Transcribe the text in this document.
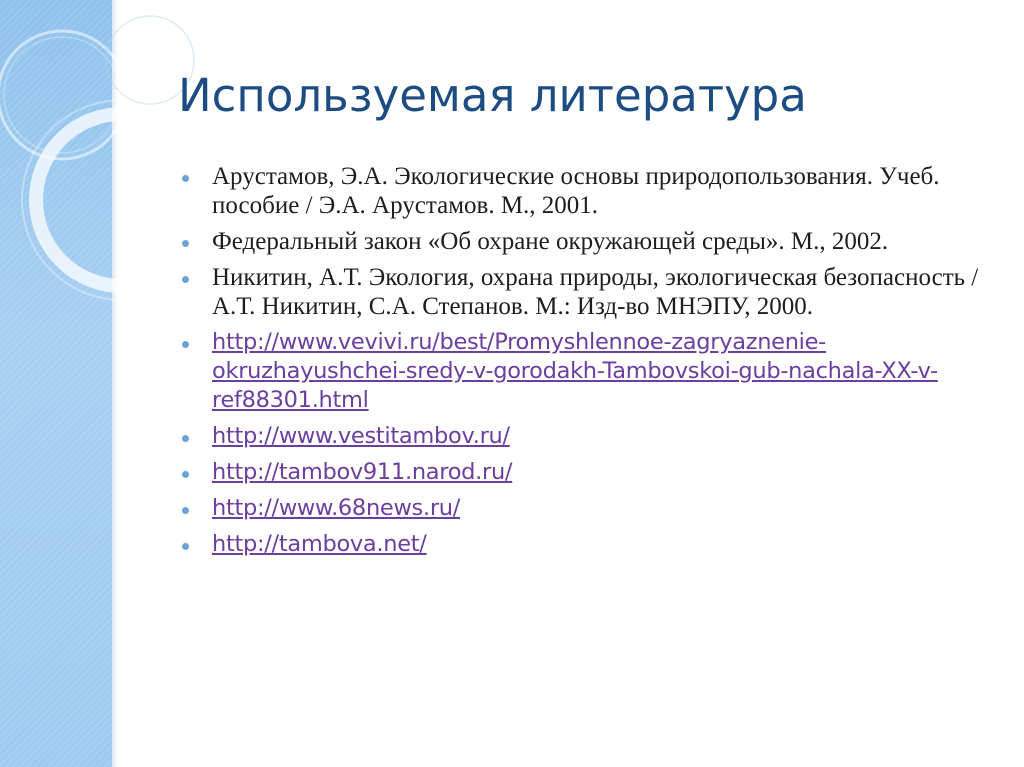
Используемая литература
Арустамов, Э.А. Экологические основы природопользования. Учеб. пособие / Э.А. Арустамов. М., 2001.
Федеральный закон «Об охране окружающей среды». М., 2002.
Никитин, А.Т. Экология, охрана природы, экологическая безопасность / А.Т. Никитин, С.А. Степанов. М.: Изд-во МНЭПУ, 2000.
http://www.vevivi.ru/best/Promyshlennoe-zagryaznenie-okruzhayushchei-sredy-v-gorodakh-Tambovskoi-gub-nachala-XX-v-ref88301.html
http://www.vestitambov.ru/
http://tambov911.narod.ru/
http://www.68news.ru/
http://tambova.net/
